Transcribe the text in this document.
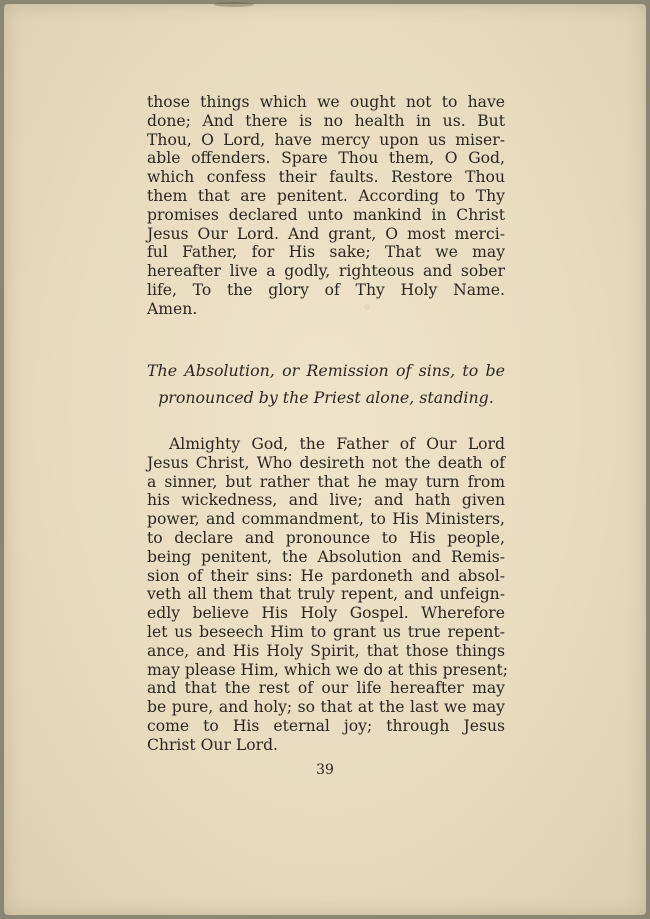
those things which we ought not to have
done; And there is no health in us. But
Thou, O Lord, have mercy upon us miser-
able offenders. Spare Thou them, O God,
which confess their faults. Restore Thou
them that are penitent. According to Thy
promises declared unto mankind in Christ
Jesus Our Lord. And grant, O most merci-
ful Father, for His sake; That we may
hereafter live a godly, righteous and sober
life, To the glory of Thy Holy Name.
Amen.
The Absolution, or Remission of sins, to be
pronounced by the Priest alone, standing.
Almighty God, the Father of Our Lord
Jesus Christ, Who desireth not the death of
a sinner, but rather that he may turn from
his wickedness, and live; and hath given
power, and commandment, to His Ministers,
to declare and pronounce to His people,
being penitent, the Absolution and Remis-
sion of their sins: He pardoneth and absol-
veth all them that truly repent, and unfeign-
edly believe His Holy Gospel. Wherefore
let us beseech Him to grant us true repent-
ance, and His Holy Spirit, that those things
may please Him, which we do at this present;
and that the rest of our life hereafter may
be pure, and holy; so that at the last we may
come to His eternal joy; through Jesus
Christ Our Lord.
39
